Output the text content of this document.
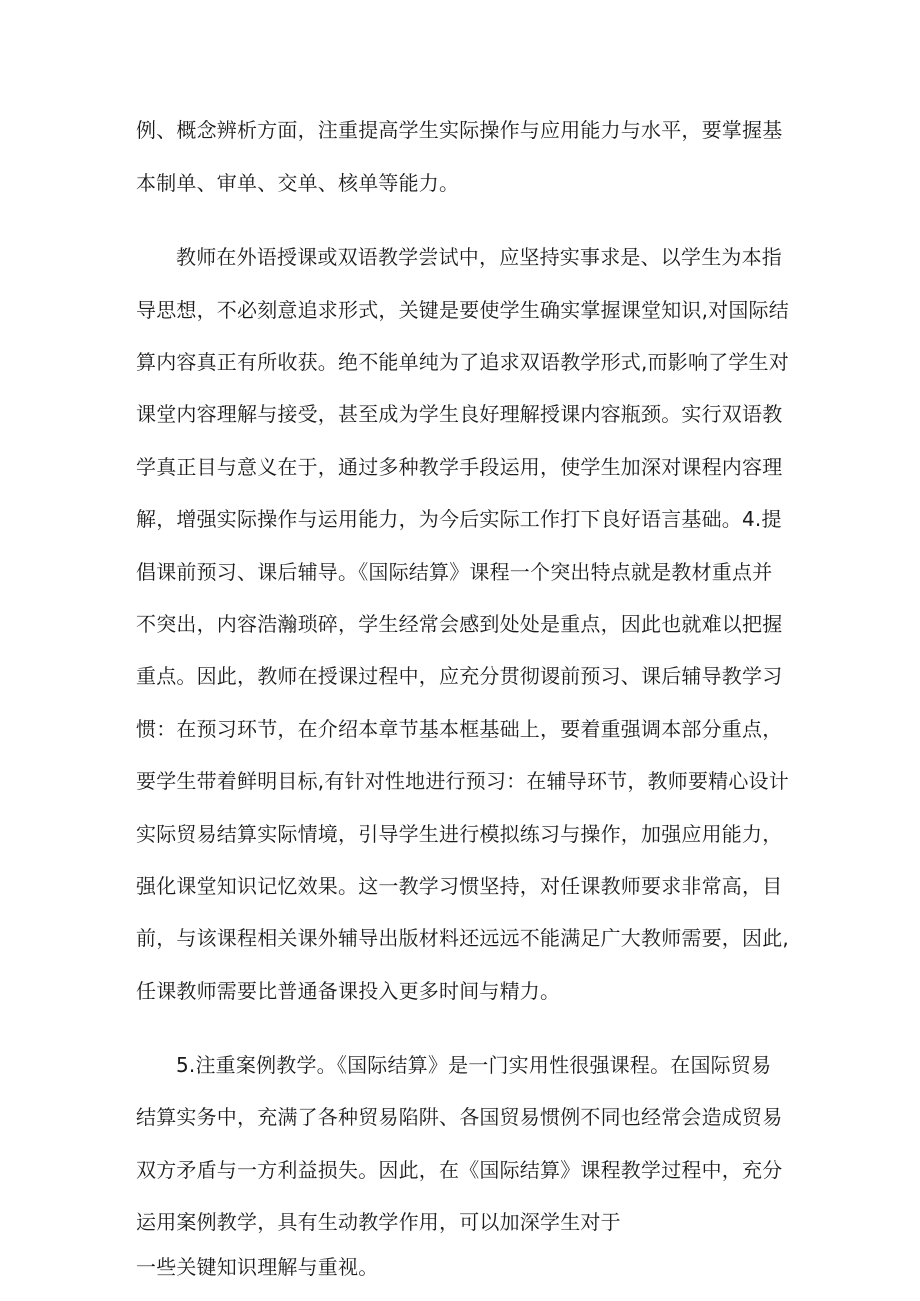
例、概念辨析方面，注重提高学生实际操作与应用能力与水平，要掌握基
本制单、审单、交单、核单等能力。
教师在外语授课或双语教学尝试中，应坚持实事求是、以学生为本指
导思想，不必刻意追求形式，关键是要使学生确实掌握课堂知识,对国际结
算内容真正有所收获。绝不能单纯为了追求双语教学形式,而影响了学生对
课堂内容理解与接受，甚至成为学生良好理解授课内容瓶颈。实行双语教
学真正目与意义在于，通过多种教学手段运用，使学生加深对课程内容理
解，增强实际操作与运用能力，为今后实际工作打下良好语言基础。4.提
倡课前预习、课后辅导。《国际结算》课程一个突出特点就是教材重点并
不突出，内容浩瀚琐碎，学生经常会感到处处是重点，因此也就难以把握
重点。因此，教师在授课过程中，应充分贯彻谡前预习、课后辅导教学习
惯：在预习环节，在介绍本章节基本框基础上，要着重强调本部分重点，
要学生带着鲜明目标,有针对性地进行预习：在辅导环节，教师要精心设计
实际贸易结算实际情境，引导学生进行模拟练习与操作，加强应用能力，
强化课堂知识记忆效果。这一教学习惯坚持，对任课教师要求非常高，目
前，与该课程相关课外辅导出版材料还远远不能满足广大教师需要，因此,
任课教师需要比普通备课投入更多时间与精力。
5.注重案例教学。《国际结算》是一门实用性很强课程。在国际贸易
结算实务中，充满了各种贸易陷阱、各国贸易惯例不同也经常会造成贸易
双方矛盾与一方利益损失。因此，在《国际结算》课程教学过程中，充分
运用案例教学，具有生动教学作用，可以加深学生对于
一些关键知识理解与重视。
